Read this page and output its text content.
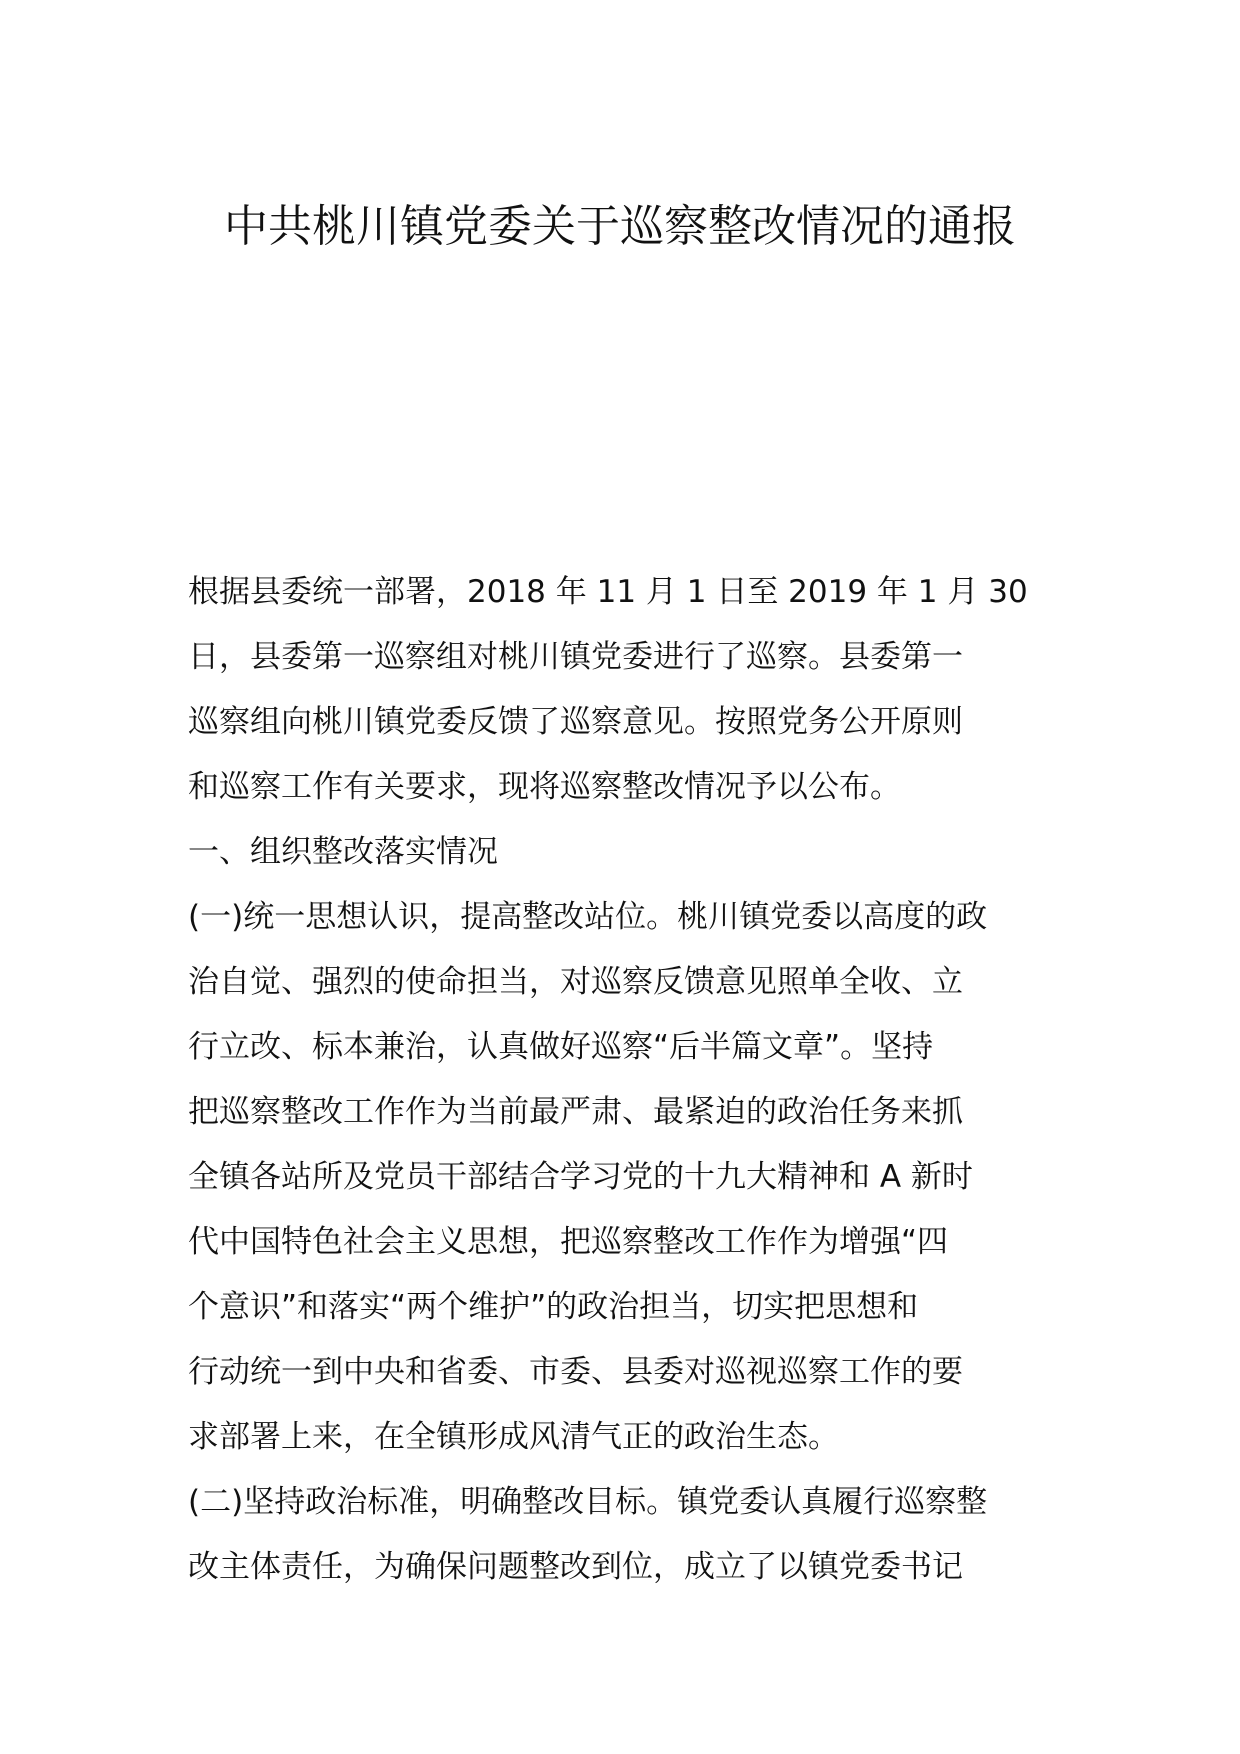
中共桃川镇党委关于巡察整改情况的通报
根据县委统一部署，2018 年 11 月 1 日至 2019 年 1 月 30
日，县委第一巡察组对桃川镇党委进行了巡察。县委第一
巡察组向桃川镇党委反馈了巡察意见。按照党务公开原则
和巡察工作有关要求，现将巡察整改情况予以公布。
一、组织整改落实情况
(一)统一思想认识，提高整改站位。桃川镇党委以高度的政
治自觉、强烈的使命担当，对巡察反馈意见照单全收、立
行立改、标本兼治，认真做好巡察“后半篇文章”。坚持
把巡察整改工作作为当前最严肃、最紧迫的政治任务来抓
全镇各站所及党员干部结合学习党的十九大精神和 A 新时
代中国特色社会主义思想，把巡察整改工作作为增强“四
个意识”和落实“两个维护”的政治担当，切实把思想和
行动统一到中央和省委、市委、县委对巡视巡察工作的要
求部署上来，在全镇形成风清气正的政治生态。
(二)坚持政治标准，明确整改目标。镇党委认真履行巡察整
改主体责任，为确保问题整改到位，成立了以镇党委书记
